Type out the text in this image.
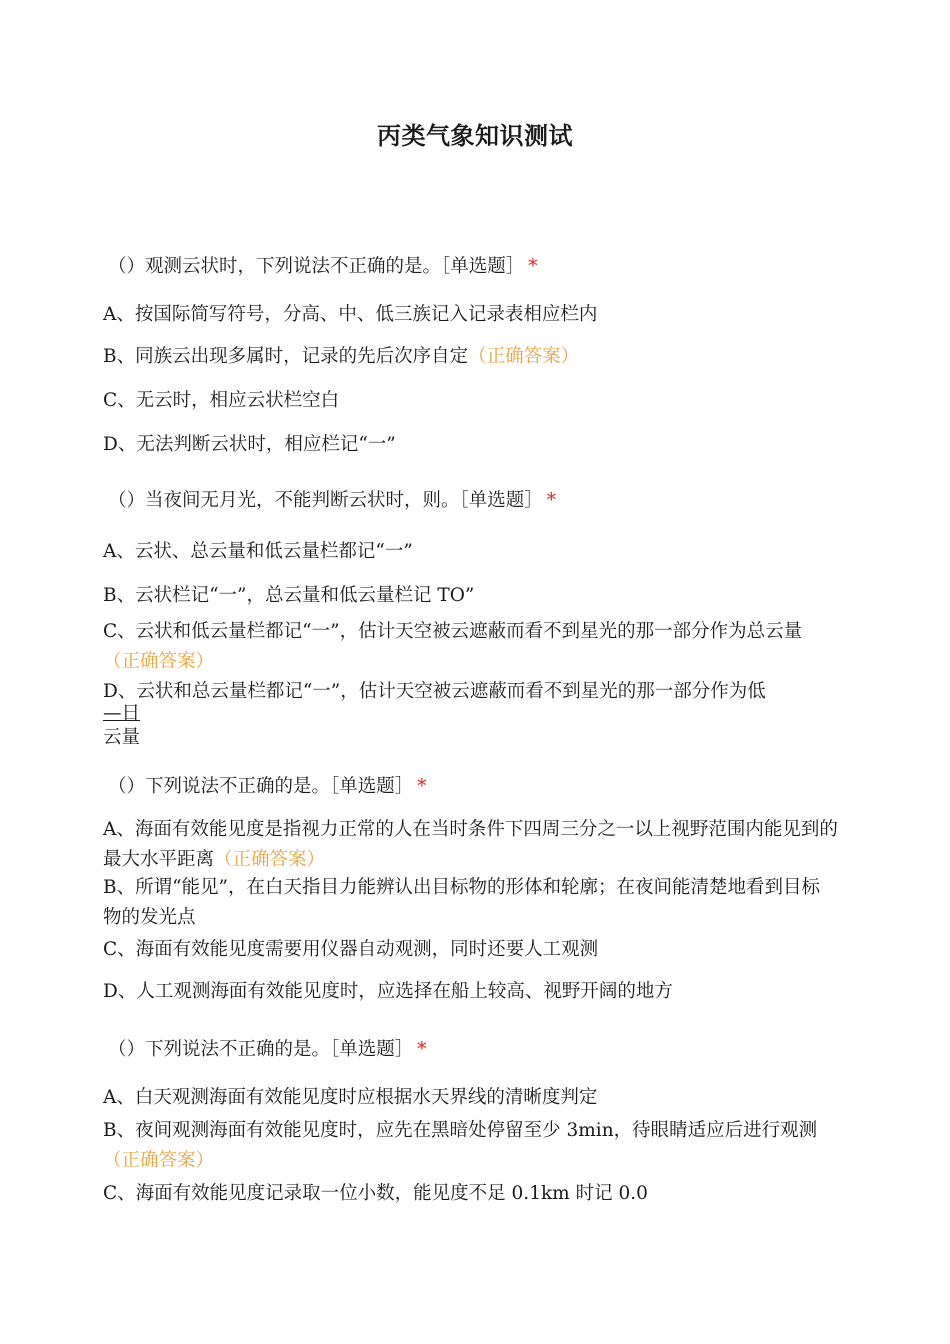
丙类气象知识测试
（）观测云状时，下列说法不正确的是。［单选题］ *
A、按国际简写符号，分高、中、低三族记入记录表相应栏内
B、同族云出现多属时，记录的先后次序自定（正确答案）
C、无云时，相应云状栏空白
D、无法判断云状时，相应栏记“一”
（）当夜间无月光，不能判断云状时，则。［单选题］ *
A、云状、总云量和低云量栏都记“一”
B、云状栏记“一”，总云量和低云量栏记 TO”
C、云状和低云量栏都记“一”，估计天空被云遮蔽而看不到星光的那一部分作为总云量（正确答案）
D、云状和总云量栏都记“一”，估计天空被云遮蔽而看不到星光的那一部分作为低
—日
云量
（）下列说法不正确的是。［单选题］ *
A、海面有效能见度是指视力正常的人在当时条件下四周三分之一以上视野范围内能见到的最大水平距离（正确答案）
B、所谓“能见”，在白天指目力能辨认出目标物的形体和轮廓；在夜间能清楚地看到目标物的发光点
C、海面有效能见度需要用仪器自动观测，同时还要人工观测
D、人工观测海面有效能见度时，应选择在船上较高、视野开阔的地方
（）下列说法不正确的是。［单选题］ *
A、白天观测海面有效能见度时应根据水天界线的清晰度判定
B、夜间观测海面有效能见度时，应先在黑暗处停留至少 3min，待眼睛适应后进行观测（正确答案）
C、海面有效能见度记录取一位小数，能见度不足 0.1km 时记 0.0
